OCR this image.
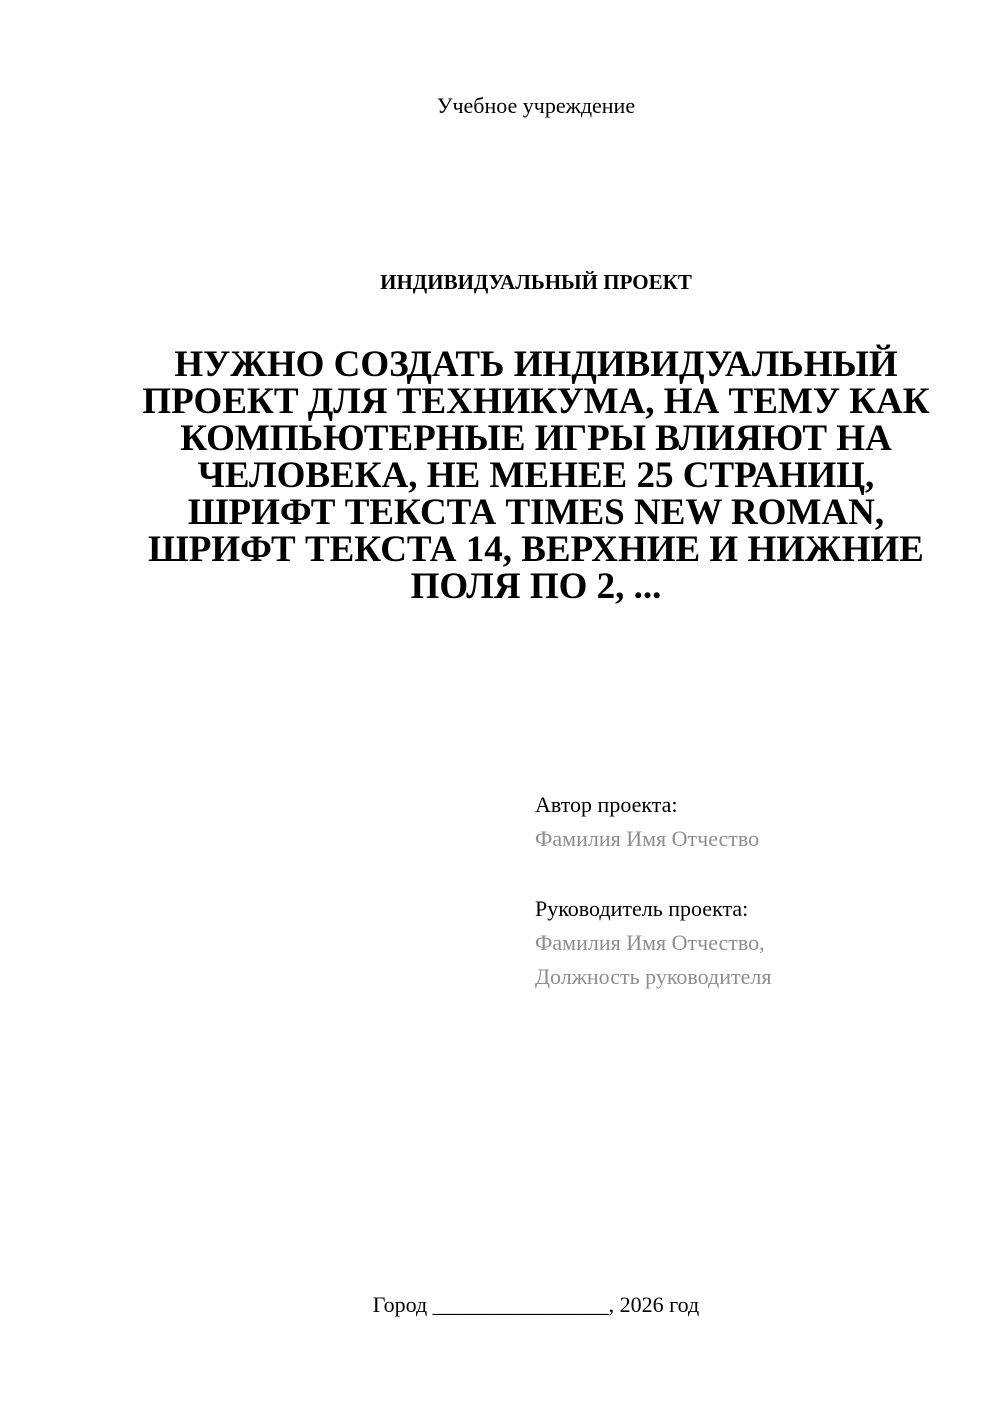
Учебное учреждение
ИНДИВИДУАЛЬНЫЙ ПРОЕКТ
НУЖНО СОЗДАТЬ ИНДИВИДУАЛЬНЫЙ ПРОЕКТ ДЛЯ ТЕХНИКУМА, НА ТЕМУ КАК КОМПЬЮТЕРНЫЕ ИГРЫ ВЛИЯЮТ НА ЧЕЛОВЕКА, НЕ МЕНЕЕ 25 СТРАНИЦ, ШРИФТ ТЕКСТА TIMES NEW ROMAN, ШРИФТ ТЕКСТА 14, ВЕРХНИЕ И НИЖНИЕ ПОЛЯ ПО 2, ...
Автор проекта:
Фамилия Имя Отчество
Руководитель проекта:
Фамилия Имя Отчество,
Должность руководителя
Город ________________, 2026 год
